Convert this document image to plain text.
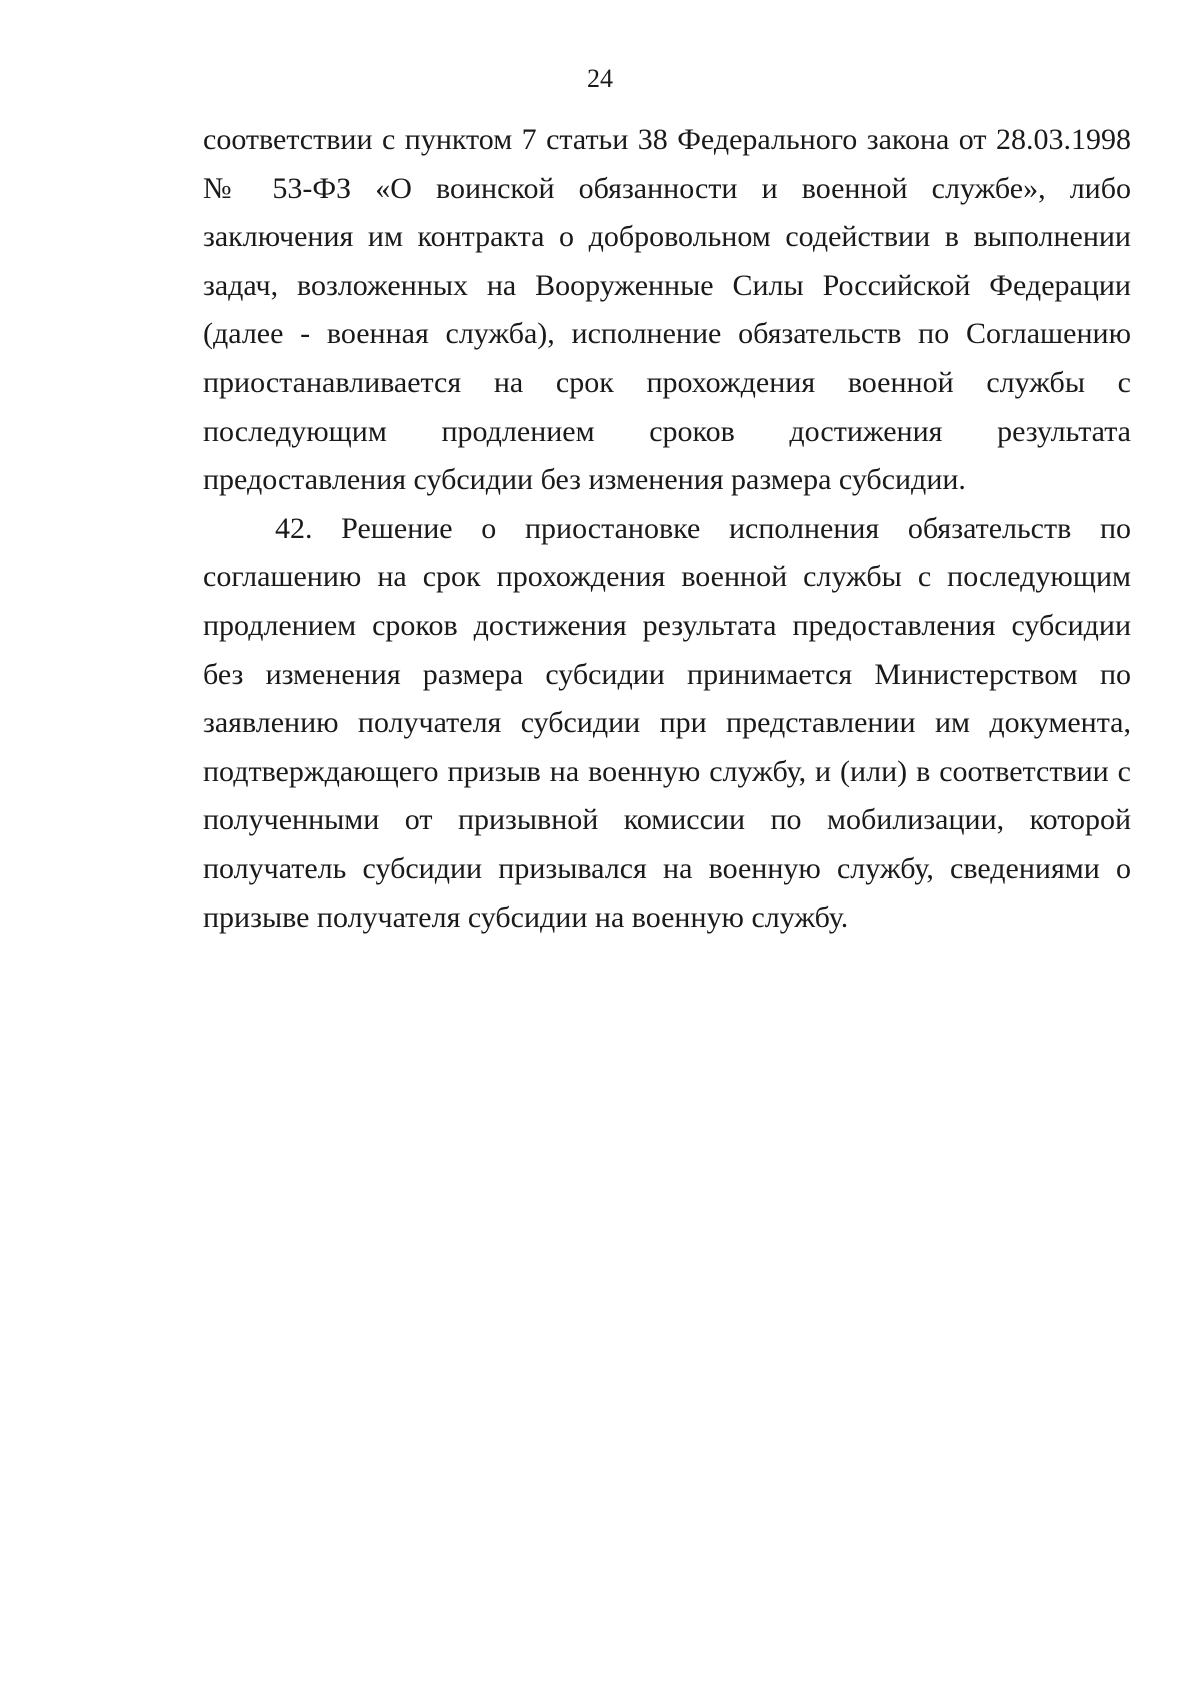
24

соответствии с пунктом 7 статьи 38 Федерального закона от 28.03.1998 № 53-ФЗ «О воинской обязанности и военной службе», либо заключения им контракта о добровольном содействии в выполнении задач, возложенных на Вооруженные Силы Российской Федерации (далее - военная служба), исполнение обязательств по Соглашению приостанавливается на срок прохождения военной службы с последующим продлением сроков достижения результата предоставления субсидии без изменения размера субсидии.

42. Решение о приостановке исполнения обязательств по соглашению на срок прохождения военной службы с последующим продлением сроков достижения результата предоставления субсидии без изменения размера субсидии принимается Министерством по заявлению получателя субсидии при представлении им документа, подтверждающего призыв на военную службу, и (или) в соответствии с полученными от призывной комиссии по мобилизации, которой получатель субсидии призывался на военную службу, сведениями о призыве получателя субсидии на военную службу.
